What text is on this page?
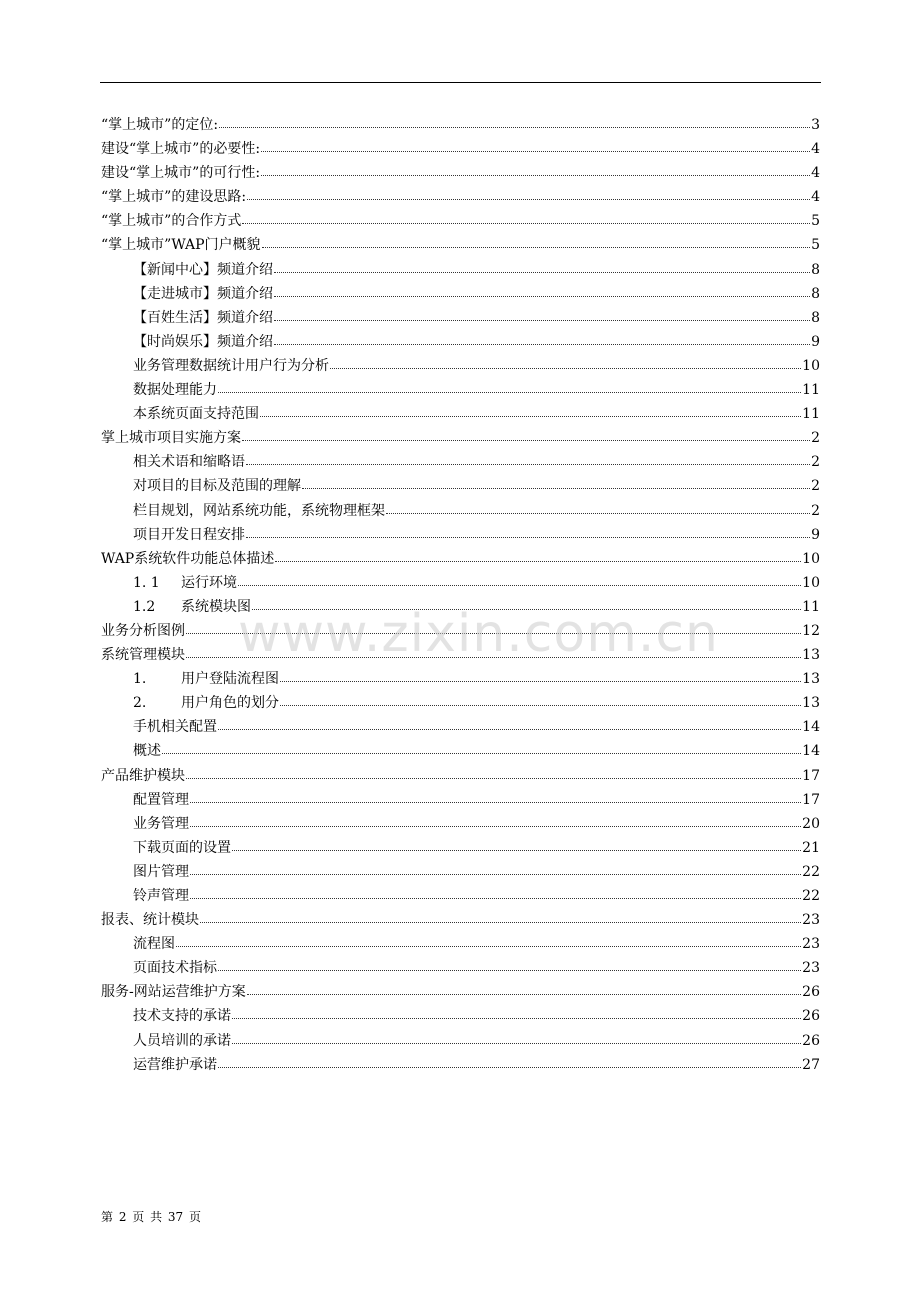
“掌上城市”的定位:	3
建设“掌上城市”的必要性:	4
建设“掌上城市”的可行性:	4
“掌上城市”的建设思路:	4
“掌上城市”的合作方式	5
“掌上城市”WAP门户概貌	5
【新闻中心】频道介绍	8
【走进城市】频道介绍	8
【百姓生活】频道介绍	8
【时尚娱乐】频道介绍	9
业务管理数据统计用户行为分析	10
数据处理能力	11
本系统页面支持范围	11
掌上城市项目实施方案	2
相关术语和缩略语	2
对项目的目标及范围的理解	2
栏目规划，网站系统功能，系统物理框架	2
项目开发日程安排	9
WAP系统软件功能总体描述	10
1. 1	运行环境	10
1.2	系统模块图	11
业务分析图例	12
系统管理模块	13
1.	用户登陆流程图	13
2.	用户角色的划分	13
手机相关配置	14
概述	14
产品维护模块	17
配置管理	17
业务管理	20
下载页面的设置	21
图片管理	22
铃声管理	22
报表、统计模块	23
流程图	23
页面技术指标	23
服务-网站运营维护方案	26
技术支持的承诺	26
人员培训的承诺	26
运营维护承诺	27
www.zixin.com.cn
第 2 页 共 37 页
